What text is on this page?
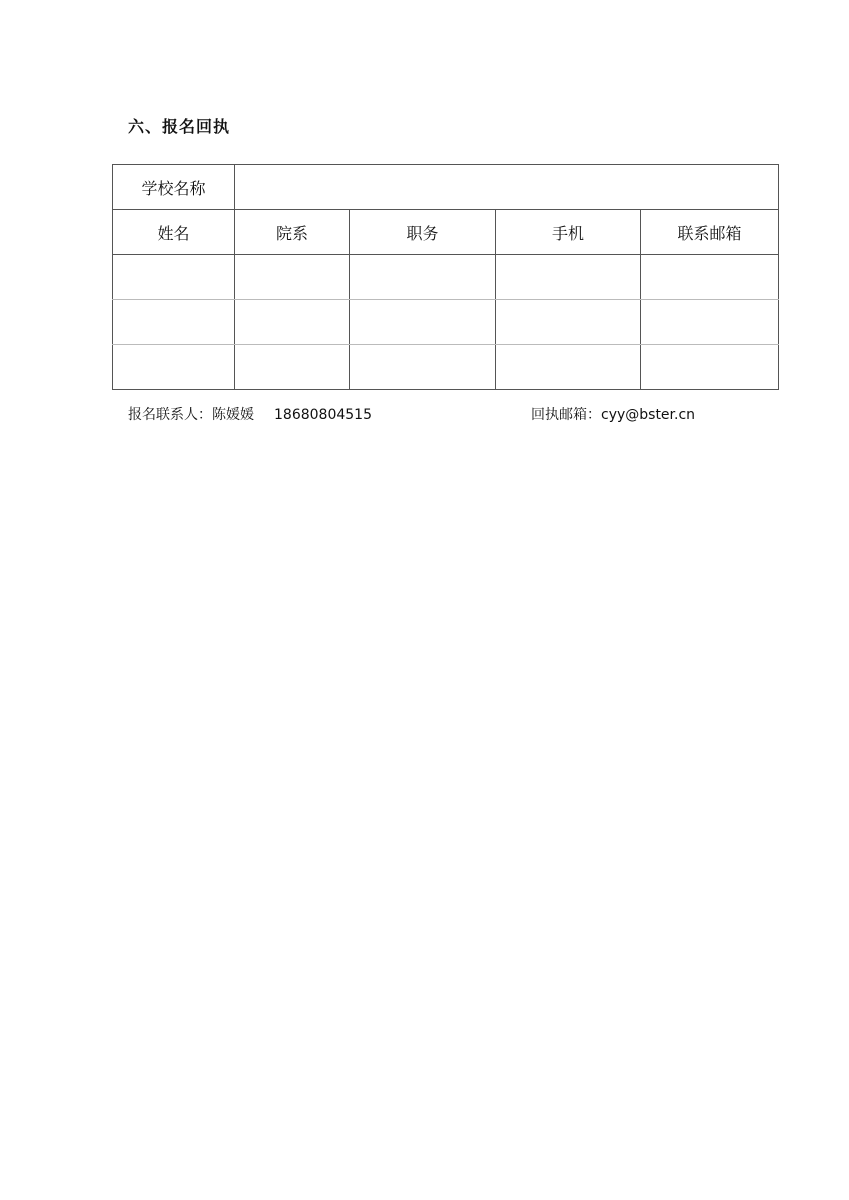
六、报名回执
学校名称				
姓名	院系	职务	手机	联系邮箱

报名联系人：陈媛媛 18680804515	回执邮箱：cyy@bster.cn
